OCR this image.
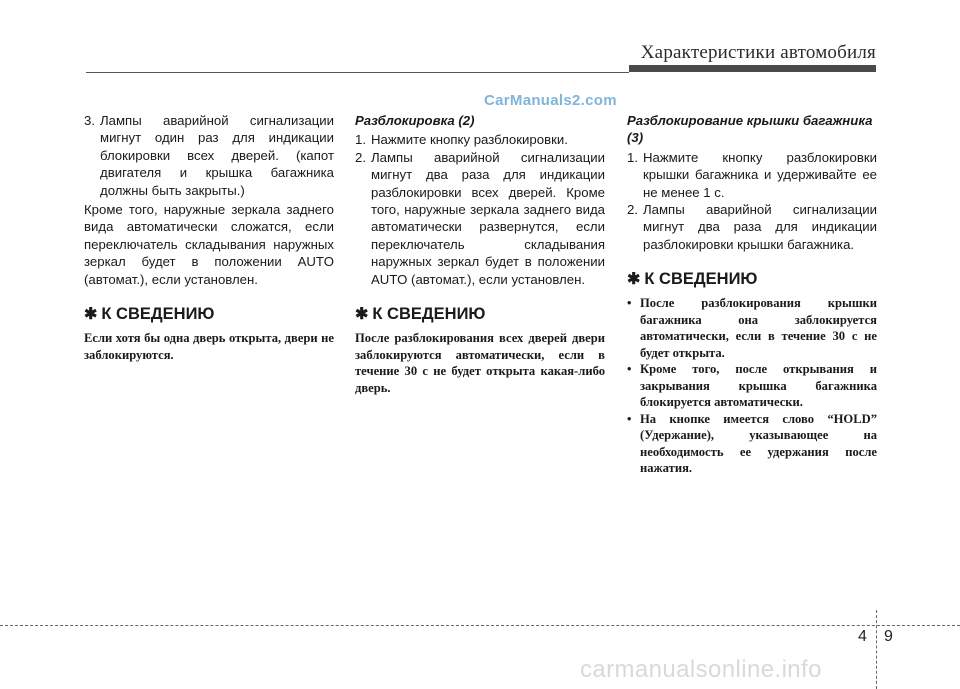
Характеристики автомобиля
CarManuals2.com
3. Лампы аварийной сигнализации мигнут один раз для индикации блокировки всех дверей. (капот двигателя и крышка багажника должны быть закрыты.)

Кроме того, наружные зеркала заднего вида автоматически сложатся, если переключатель складывания наружных зеркал будет в положении AUTO (автомат.), если установлен.

✱ К СВЕДЕНИЮ

Если хотя бы одна дверь открыта, двери не заблокируются.

Разблокировка (2)

1. Нажмите кнопку разблокировки.
2. Лампы аварийной сигнализации мигнут два раза для индикации разблокировки всех дверей. Кроме того, наружные зеркала заднего вида автоматически развернутся, если переключатель складывания наружных зеркал будет в положении AUTO (автомат.), если установлен.
✱ К СВЕДЕНИЮ

После разблокирования всех дверей двери заблокируются автоматически, если в течение 30 с не будет открыта какая-либо дверь.

Разблокирование крышки багажника (3)

1. Нажмите кнопку разблокировки крышки багажника и удерживайте ее не менее 1 с.
2. Лампы аварийной сигнализации мигнут два раза для индикации разблокировки крышки багажника.
✱ К СВЕДЕНИЮ
• После разблокирования крышки багажника она заблокируется автоматически, если в течение 30 с не будет открыта.
• Кроме того, после открывания и закрывания крышка багажника блокируется автоматически.
• На кнопке имеется слово “HOLD” (Удержание), указывающее на необходимость ее удержания после нажатия.
4 9
carmanualsonline.info
